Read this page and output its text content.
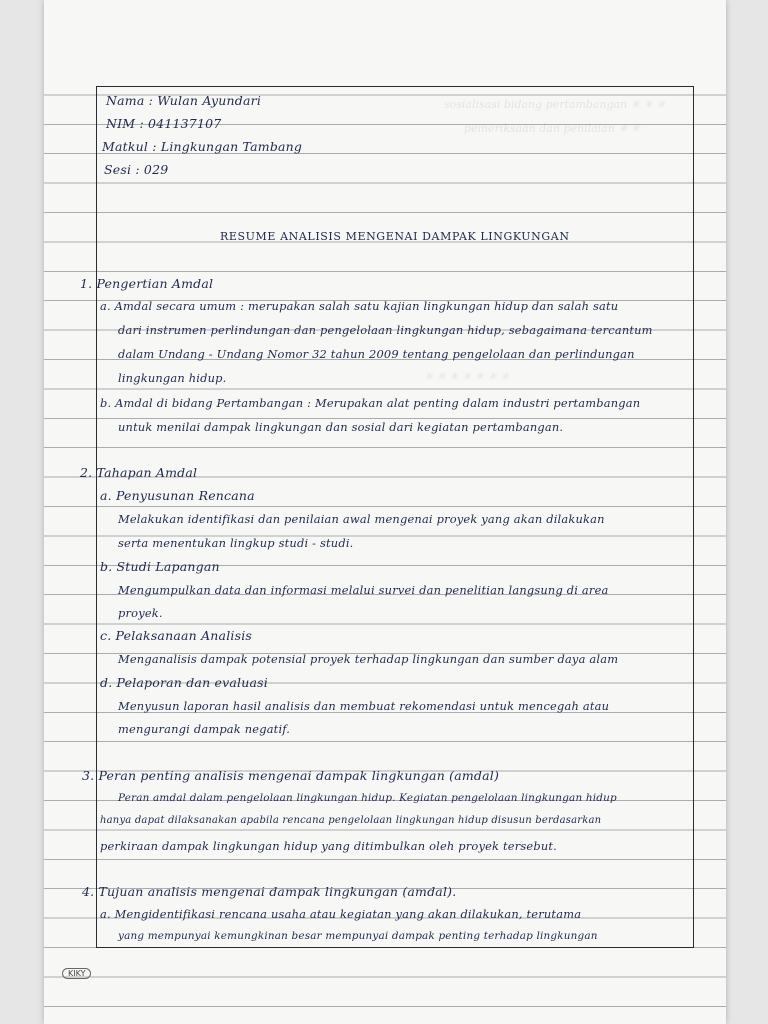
sosialisasi bidang pertambangan ✳ ✳ ✳
pemeriksaan dan penilaian ✳ ✳
✳ ✳ ✳ ✳ ✳ ✳ ✳
Nama : Wulan Ayundari
NIM : 041137107
Matkul : Lingkungan Tambang
Sesi : 029
RESUME ANALISIS MENGENAI DAMPAK LINGKUNGAN
1. Pengertian Amdal
a. Amdal secara umum : merupakan salah satu kajian lingkungan hidup dan salah satu
dari instrumen perlindungan dan pengelolaan lingkungan hidup, sebagaimana tercantum
dalam Undang - Undang Nomor 32 tahun 2009 tentang pengelolaan dan perlindungan
lingkungan hidup.
b. Amdal di bidang Pertambangan : Merupakan alat penting dalam industri pertambangan
untuk menilai dampak lingkungan dan sosial dari kegiatan pertambangan.
2. Tahapan Amdal
a. Penyusunan Rencana
Melakukan identifikasi dan penilaian awal mengenai proyek yang akan dilakukan
serta menentukan lingkup studi - studi.
b. Studi Lapangan
Mengumpulkan data dan informasi melalui survei dan penelitian langsung di area
proyek.
c. Pelaksanaan Analisis
Menganalisis dampak potensial proyek terhadap lingkungan dan sumber daya alam
d. Pelaporan dan evaluasi
Menyusun laporan hasil analisis dan membuat rekomendasi untuk mencegah atau
mengurangi dampak negatif.
3. Peran penting analisis mengenai dampak lingkungan (amdal)
Peran amdal dalam pengelolaan lingkungan hidup. Kegiatan pengelolaan lingkungan hidup
hanya dapat dilaksanakan apabila rencana pengelolaan lingkungan hidup disusun berdasarkan
perkiraan dampak lingkungan hidup yang ditimbulkan oleh proyek tersebut.
4. Tujuan analisis mengenai dampak lingkungan (amdal).
a. Mengidentifikasi rencana usaha atau kegiatan yang akan dilakukan, terutama
yang mempunyai kemungkinan besar mempunyai dampak penting terhadap lingkungan
KIKY
